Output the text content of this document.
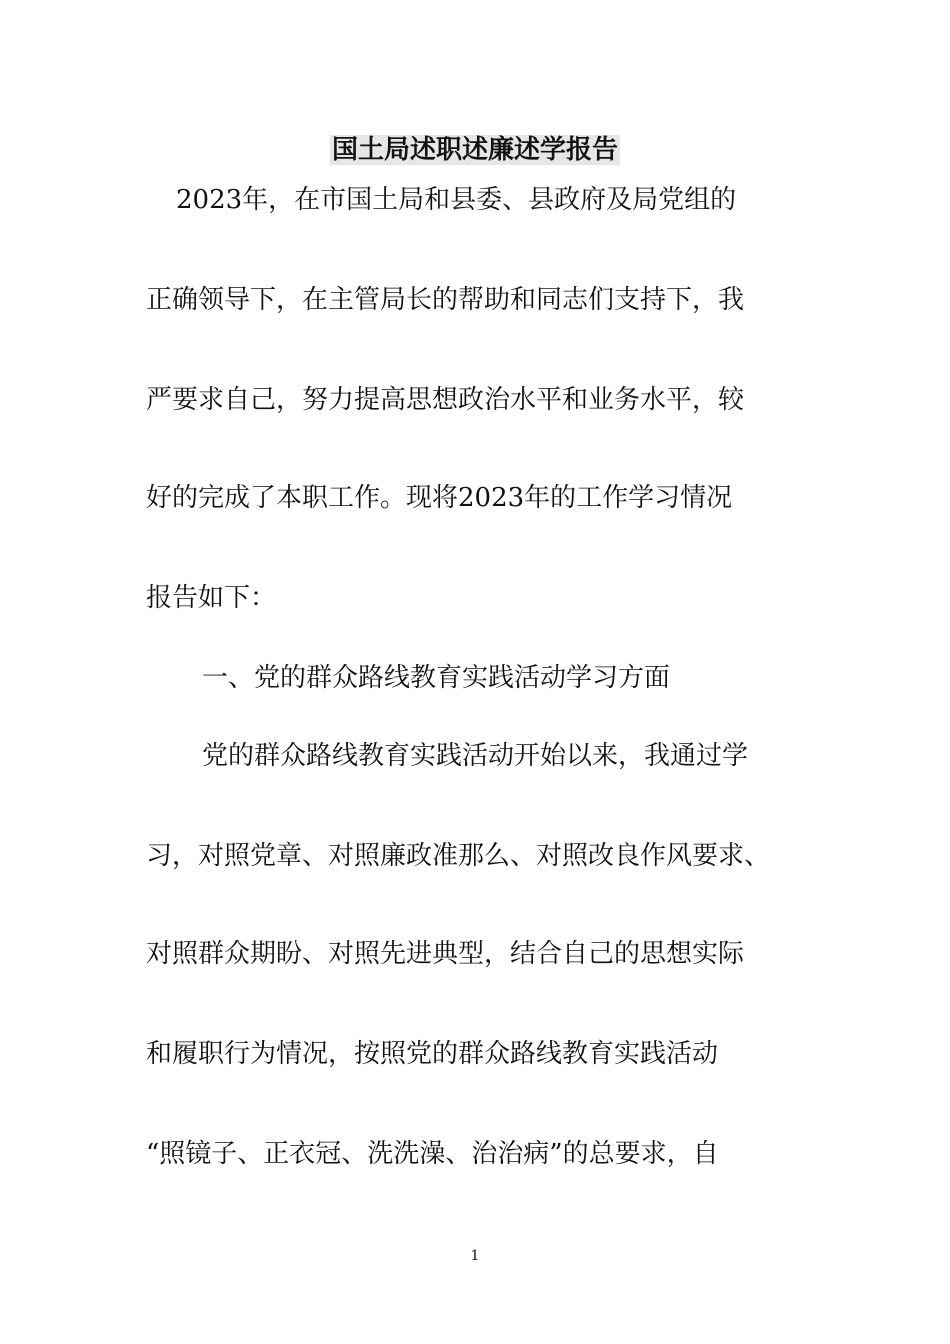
国土局述职述廉述学报告
2023年，在市国土局和县委、县政府及局党组的
正确领导下，在主管局长的帮助和同志们支持下，我
严要求自己，努力提高思想政治水平和业务水平，较
好的完成了本职工作。现将2023年的工作学习情况
报告如下：
一、党的群众路线教育实践活动学习方面
党的群众路线教育实践活动开始以来，我通过学
习，对照党章、对照廉政准那么、对照改良作风要求、
对照群众期盼、对照先进典型，结合自己的思想实际
和履职行为情况，按照党的群众路线教育实践活动
“照镜子、正衣冠、洗洗澡、治治病”的总要求，自
1
